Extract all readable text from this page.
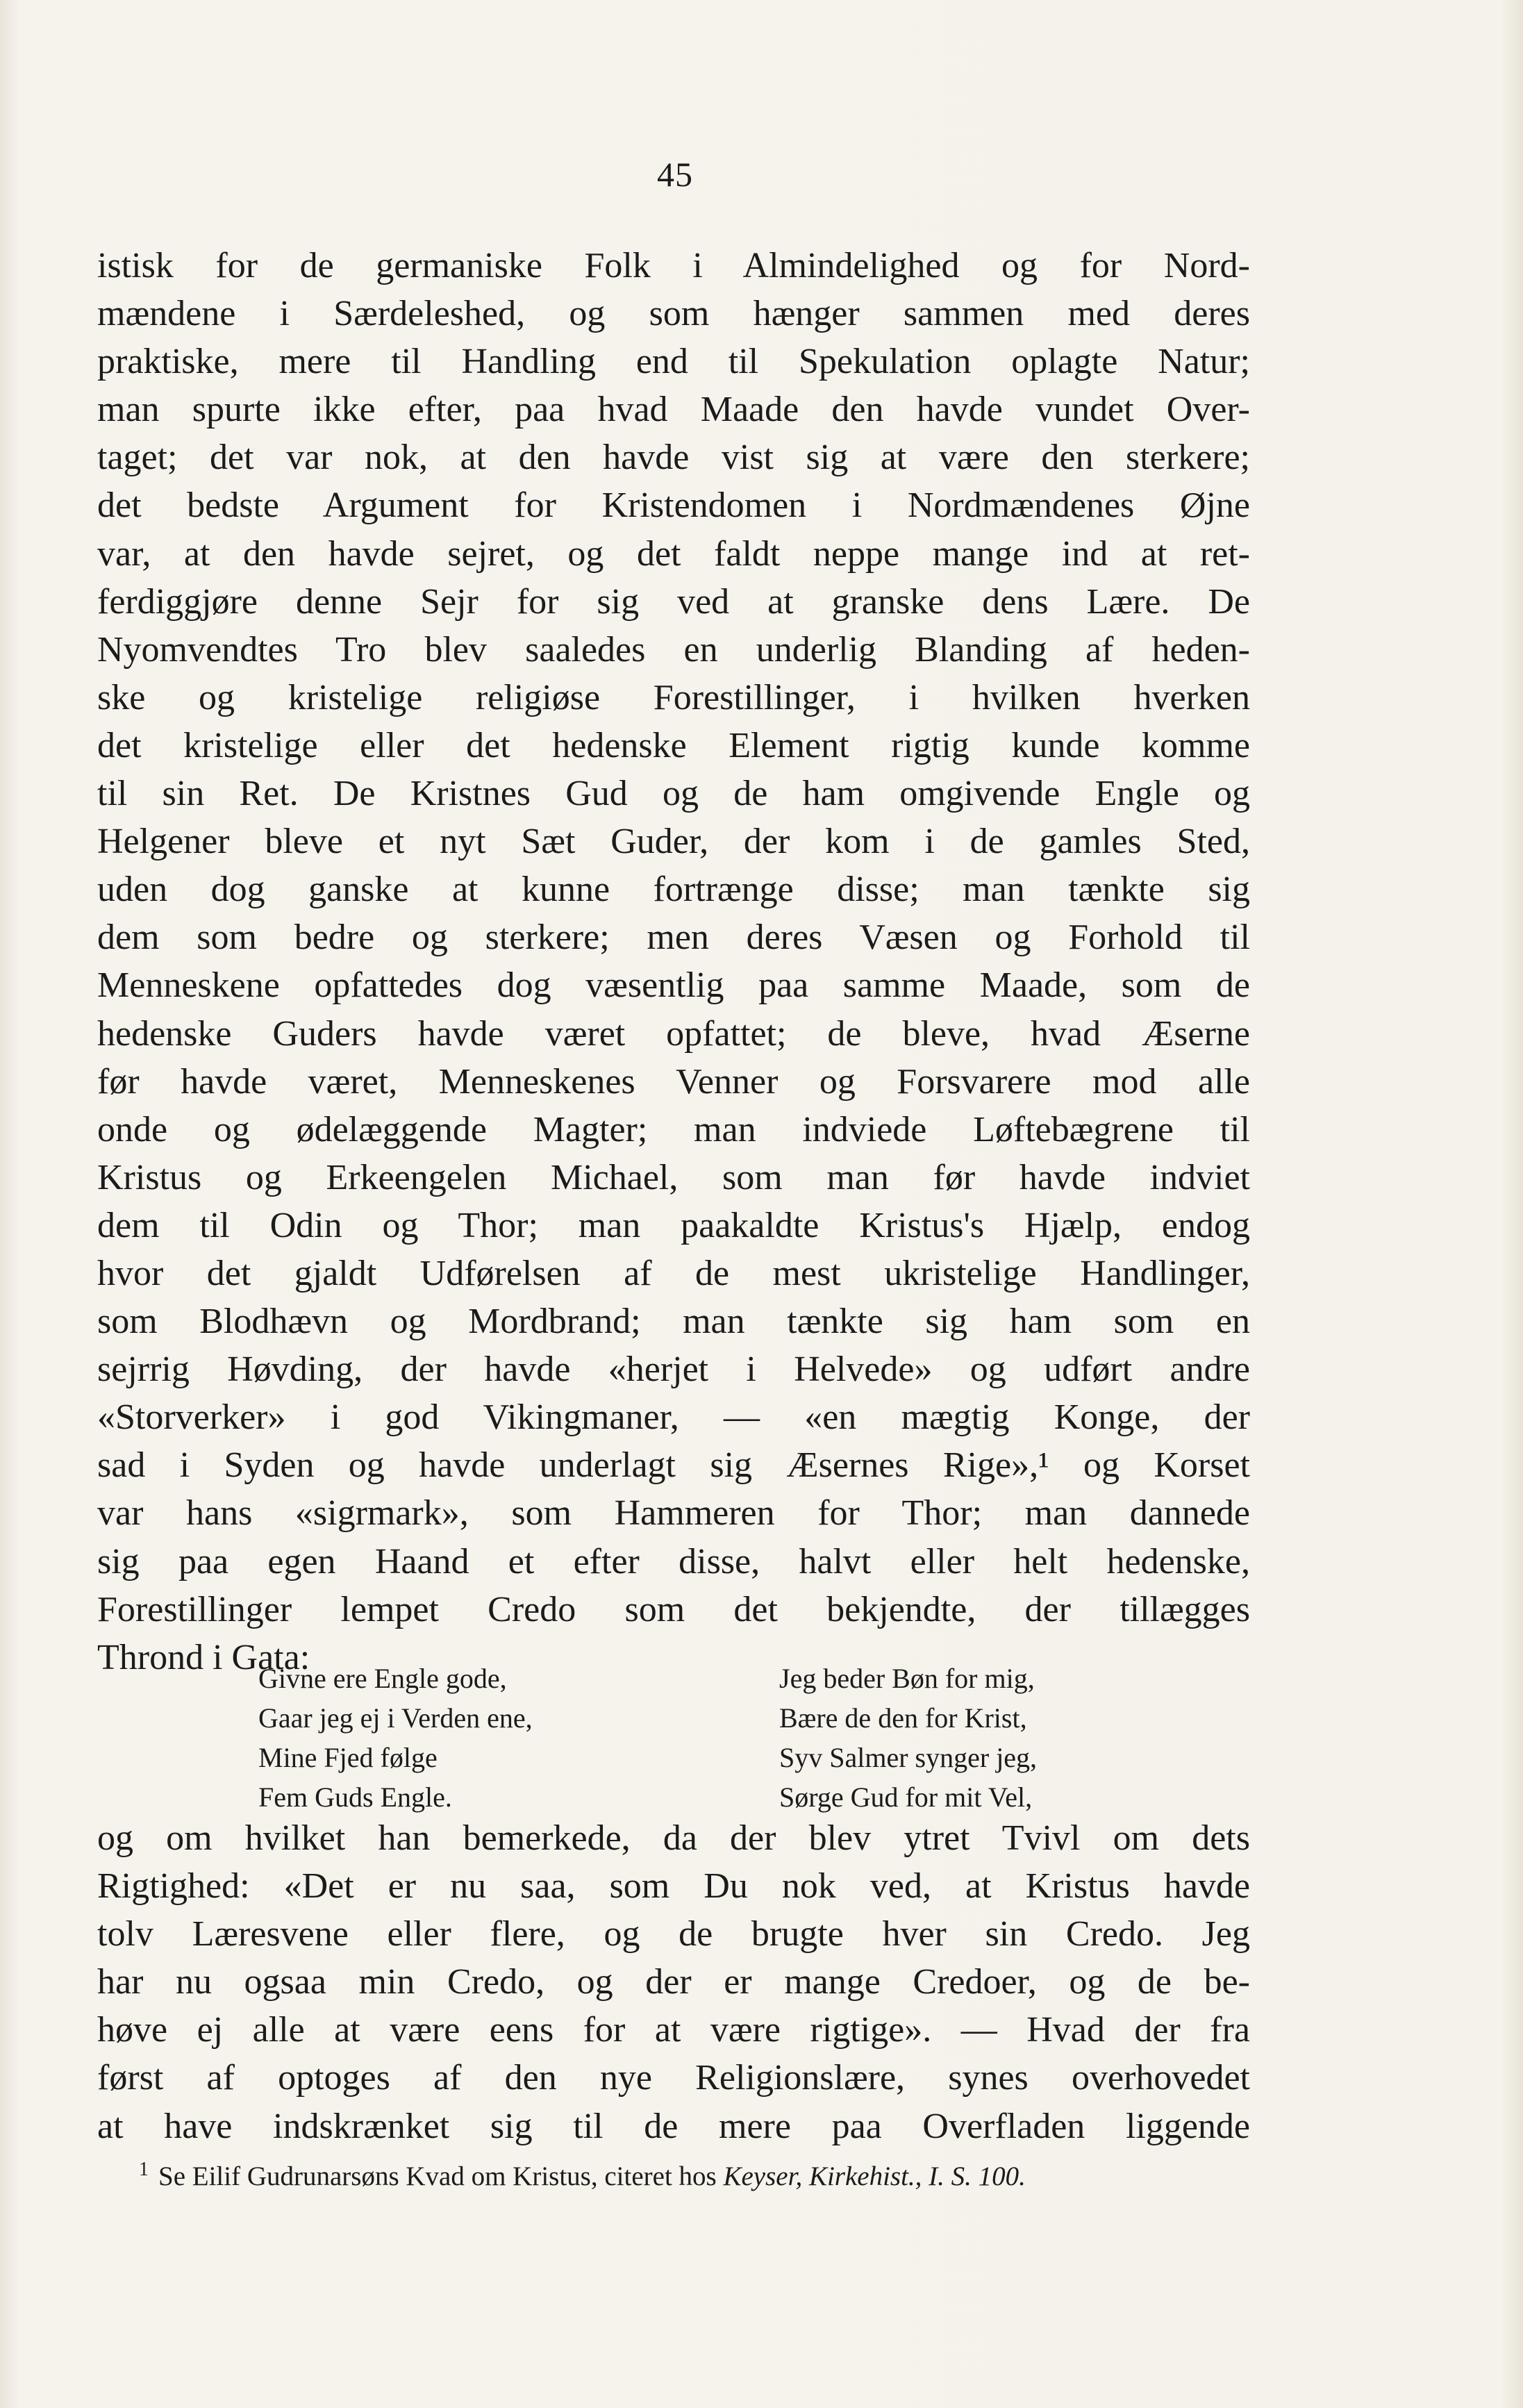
45
istisk for de germaniske Folk i Almindelighed og for Nord-
mændene i Særdeleshed, og som hænger sammen med deres
praktiske, mere til Handling end til Spekulation oplagte Natur;
man spurte ikke efter, paa hvad Maade den havde vundet Over-
taget; det var nok, at den havde vist sig at være den sterkere;
det bedste Argument for Kristendomen i Nordmændenes Øjne
var, at den havde sejret, og det faldt neppe mange ind at ret-
ferdiggjøre denne Sejr for sig ved at granske dens Lære. De
Nyomvendtes Tro blev saaledes en underlig Blanding af heden-
ske og kristelige religiøse Forestillinger, i hvilken hverken
det kristelige eller det hedenske Element rigtig kunde komme
til sin Ret. De Kristnes Gud og de ham omgivende Engle og
Helgener bleve et nyt Sæt Guder, der kom i de gamles Sted,
uden dog ganske at kunne fortrænge disse; man tænkte sig
dem som bedre og sterkere; men deres Væsen og Forhold til
Menneskene opfattedes dog væsentlig paa samme Maade, som de
hedenske Guders havde været opfattet; de bleve, hvad Æserne
før havde været, Menneskenes Venner og Forsvarere mod alle
onde og ødelæggende Magter; man indviede Løftebægrene til
Kristus og Erkeengelen Michael, som man før havde indviet
dem til Odin og Thor; man paakaldte Kristus's Hjælp, endog
hvor det gjaldt Udførelsen af de mest ukristelige Handlinger,
som Blodhævn og Mordbrand; man tænkte sig ham som en
sejrrig Høvding, der havde «herjet i Helvede» og udført andre
«Storverker» i god Vikingmaner, — «en mægtig Konge, der
sad i Syden og havde underlagt sig Æsernes Rige»,¹ og Korset
var hans «sigrmark», som Hammeren for Thor; man dannede
sig paa egen Haand et efter disse, halvt eller helt hedenske,
Forestillinger lempet Credo som det bekjendte, der tillægges
Thrond i Gata:
Givne ere Engle gode,
Gaar jeg ej i Verden ene,
Mine Fjed følge
Fem Guds Engle.
Jeg beder Bøn for mig,
Bære de den for Krist,
Syv Salmer synger jeg,
Sørge Gud for mit Vel,
og om hvilket han bemerkede, da der blev ytret Tvivl om dets
Rigtighed: «Det er nu saa, som Du nok ved, at Kristus havde
tolv Læresvene eller flere, og de brugte hver sin Credo. Jeg
har nu ogsaa min Credo, og der er mange Credoer, og de be-
høve ej alle at være eens for at være rigtige». — Hvad der fra
først af optoges af den nye Religionslære, synes overhovedet
at have indskrænket sig til de mere paa Overfladen liggende
$^1$ Se Eilif Gudrunarsøns Kvad om Kristus, citeret hos Keyser, Kirkehist., I. S. 100.
